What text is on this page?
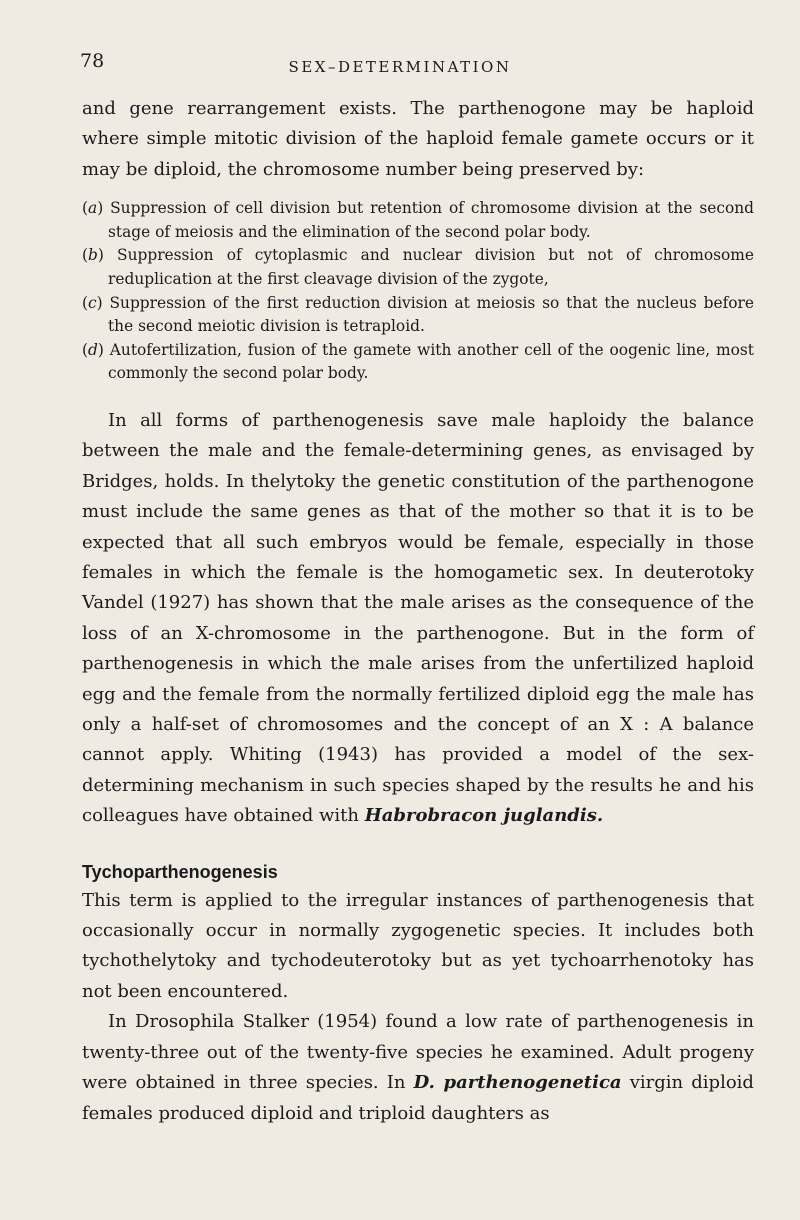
78	SEX–DETERMINATION

and gene rearrangement exists. The parthenogone may be haploid where simple mitotic division of the haploid female gamete occurs or it may be diploid, the chromosome number being preserved by:

(a) Suppression of cell division but retention of chromosome division at the second stage of meiosis and the elimination of the second polar body.

(b) Suppression of cytoplasmic and nuclear division but not of chromosome reduplication at the first cleavage division of the zygote,

(c) Suppression of the first reduction division at meiosis so that the nucleus before the second meiotic division is tetraploid.

(d) Autofertilization, fusion of the gamete with another cell of the oogenic line, most commonly the second polar body.

In all forms of parthenogenesis save male haploidy the balance between the male and the female-determining genes, as envisaged by Bridges, holds. In thelytoky the genetic constitution of the parthenogone must include the same genes as that of the mother so that it is to be expected that all such embryos would be female, especially in those females in which the female is the homogametic sex. In deuterotoky Vandel (1927) has shown that the male arises as the consequence of the loss of an X-chromosome in the parthenogone. But in the form of parthenogenesis in which the male arises from the unfertilized haploid egg and the female from the normally fertilized diploid egg the male has only a half-set of chromosomes and the concept of an X : A balance cannot apply. Whiting (1943) has provided a model of the sex-determining mechanism in such species shaped by the results he and his colleagues have obtained with Habrobracon juglandis.

Tychoparthenogenesis

This term is applied to the irregular instances of parthenogenesis that occasionally occur in normally zygogenetic species. It includes both tychothelytoky and tychodeuterotoky but as yet tychoarrhenotoky has not been encountered.

In Drosophila Stalker (1954) found a low rate of parthenogenesis in twenty-three out of the twenty-five species he examined. Adult progeny were obtained in three species. In D. parthenogenetica virgin diploid females produced diploid and triploid daughters as
